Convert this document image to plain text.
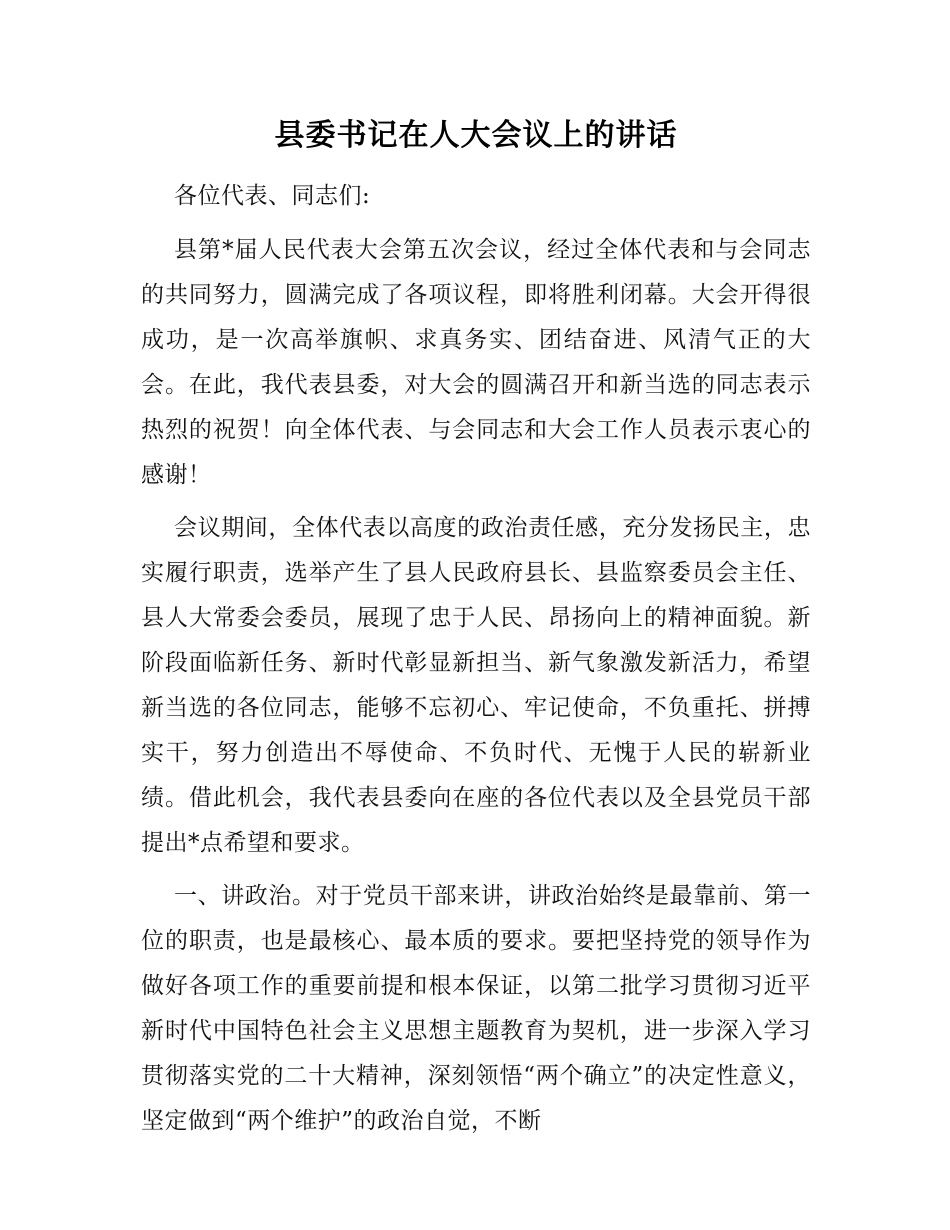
县委书记在人大会议上的讲话

各位代表、同志们:

县第*届人民代表大会第五次会议，经过全体代表和与会同志的共同努力，圆满完成了各项议程，即将胜利闭幕。大会开得很成功，是一次高举旗帜、求真务实、团结奋进、风清气正的大会。在此，我代表县委，对大会的圆满召开和新当选的同志表示热烈的祝贺！向全体代表、与会同志和大会工作人员表示衷心的感谢！

会议期间，全体代表以高度的政治责任感，充分发扬民主，忠实履行职责，选举产生了县人民政府县长、县监察委员会主任、县人大常委会委员，展现了忠于人民、昂扬向上的精神面貌。新阶段面临新任务、新时代彰显新担当、新气象激发新活力，希望新当选的各位同志，能够不忘初心、牢记使命，不负重托、拼搏实干，努力创造出不辱使命、不负时代、无愧于人民的崭新业绩。借此机会，我代表县委向在座的各位代表以及全县党员干部提出*点希望和要求。

一、讲政治。对于党员干部来讲，讲政治始终是最靠前、第一位的职责，也是最核心、最本质的要求。要把坚持党的领导作为做好各项工作的重要前提和根本保证，以第二批学习贯彻习近平新时代中国特色社会主义思想主题教育为契机，进一步深入学习贯彻落实党的二十大精神，深刻领悟“两个确立”的决定性意义，坚定做到“两个维护”的政治自觉，不断
